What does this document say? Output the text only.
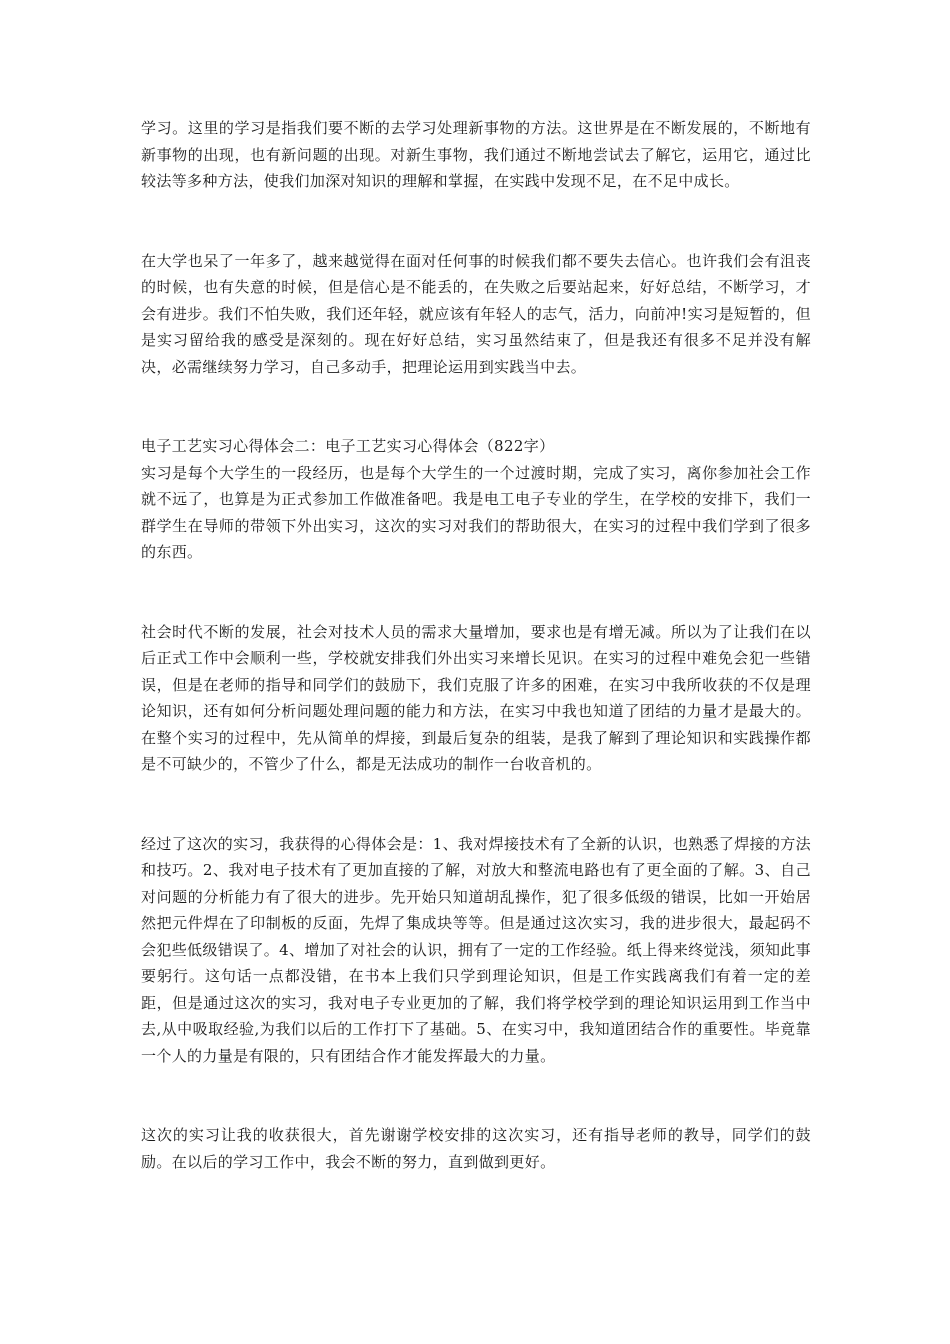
学习。这里的学习是指我们要不断的去学习处理新事物的方法。这世界是在不断发展的，不断地有新事物的出现，也有新问题的出现。对新生事物，我们通过不断地尝试去了解它，运用它，通过比较法等多种方法，使我们加深对知识的理解和掌握，在实践中发现不足，在不足中成长。

在大学也呆了一年多了，越来越觉得在面对任何事的时候我们都不要失去信心。也许我们会有沮丧的时候，也有失意的时候，但是信心是不能丢的，在失败之后要站起来，好好总结，不断学习，才会有进步。我们不怕失败，我们还年轻，就应该有年轻人的志气，活力，向前冲!实习是短暂的，但是实习留给我的感受是深刻的。现在好好总结，实习虽然结束了，但是我还有很多不足并没有解决，必需继续努力学习，自己多动手，把理论运用到实践当中去。

电子工艺实习心得体会二：电子工艺实习心得体会（822字）

实习是每个大学生的一段经历，也是每个大学生的一个过渡时期，完成了实习，离你参加社会工作就不远了，也算是为正式参加工作做准备吧。我是电工电子专业的学生，在学校的安排下，我们一群学生在导师的带领下外出实习，这次的实习对我们的帮助很大，在实习的过程中我们学到了很多的东西。

社会时代不断的发展，社会对技术人员的需求大量增加，要求也是有增无减。所以为了让我们在以后正式工作中会顺利一些，学校就安排我们外出实习来增长见识。在实习的过程中难免会犯一些错误，但是在老师的指导和同学们的鼓励下，我们克服了许多的困难，在实习中我所收获的不仅是理论知识，还有如何分析问题处理问题的能力和方法，在实习中我也知道了团结的力量才是最大的。在整个实习的过程中，先从简单的焊接，到最后复杂的组装，是我了解到了理论知识和实践操作都是不可缺少的，不管少了什么，都是无法成功的制作一台收音机的。

经过了这次的实习，我获得的心得体会是：1、我对焊接技术有了全新的认识，也熟悉了焊接的方法和技巧。2、我对电子技术有了更加直接的了解，对放大和整流电路也有了更全面的了解。3、自己对问题的分析能力有了很大的进步。先开始只知道胡乱操作，犯了很多低级的错误，比如一开始居然把元件焊在了印制板的反面，先焊了集成块等等。但是通过这次实习，我的进步很大，最起码不会犯些低级错误了。4、增加了对社会的认识，拥有了一定的工作经验。纸上得来终觉浅，须知此事要躬行。这句话一点都没错，在书本上我们只学到理论知识，但是工作实践离我们有着一定的差距，但是通过这次的实习，我对电子专业更加的了解，我们将学校学到的理论知识运用到工作当中去,从中吸取经验,为我们以后的工作打下了基础。5、在实习中，我知道团结合作的重要性。毕竟靠一个人的力量是有限的，只有团结合作才能发挥最大的力量。

这次的实习让我的收获很大，首先谢谢学校安排的这次实习，还有指导老师的教导，同学们的鼓励。在以后的学习工作中，我会不断的努力，直到做到更好。
